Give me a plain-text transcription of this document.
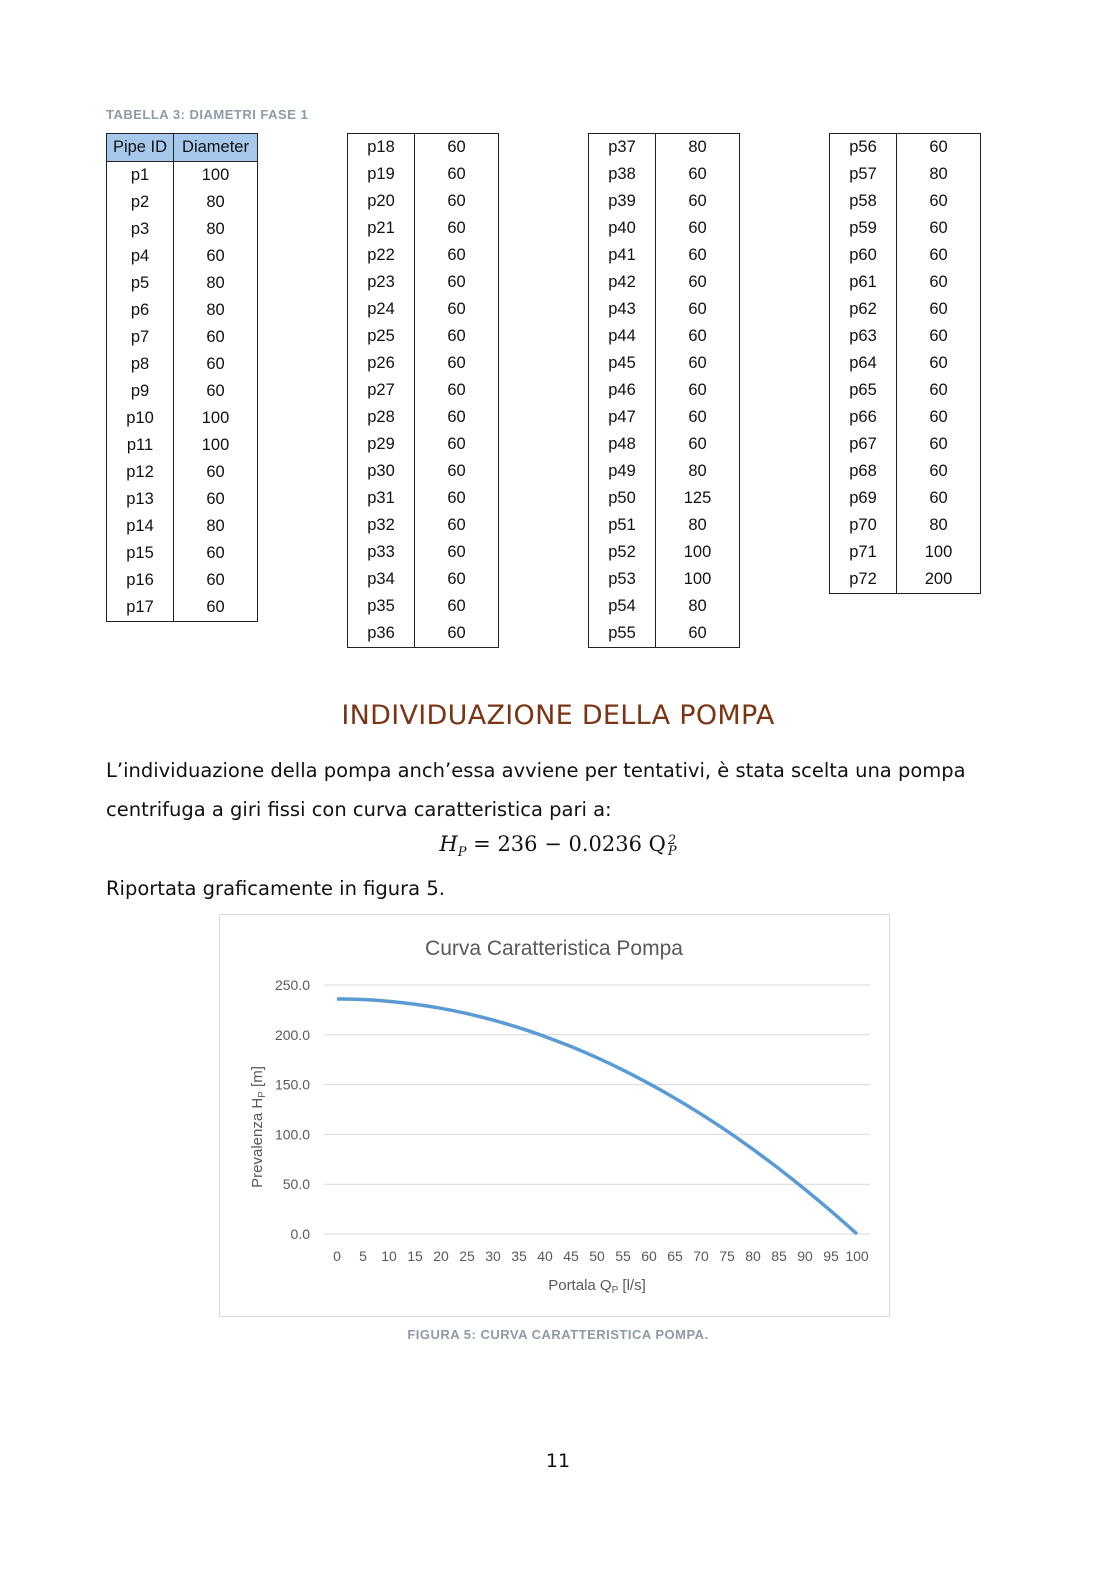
TABELLA 3: DIAMETRI FASE 1
Pipe ID	Diameter
p1	100
p2	80
p3	80
p4	60
p5	80
p6	80
p7	60
p8	60
p9	60
p10	100
p11	100
p12	60
p13	60
p14	80
p15	60
p16	60
p17	60
p18	60
p19	60
p20	60
p21	60
p22	60
p23	60
p24	60
p25	60
p26	60
p27	60
p28	60
p29	60
p30	60
p31	60
p32	60
p33	60
p34	60
p35	60
p36	60
p37	80
p38	60
p39	60
p40	60
p41	60
p42	60
p43	60
p44	60
p45	60
p46	60
p47	60
p48	60
p49	80
p50	125
p51	80
p52	100
p53	100
p54	80
p55	60
p56	60
p57	80
p58	60
p59	60
p60	60
p61	60
p62	60
p63	60
p64	60
p65	60
p66	60
p67	60
p68	60
p69	60
p70	80
p71	100
p72	200
INDIVIDUAZIONE DELLA POMPA
L’individuazione della pompa anch’essa avviene per tentativi, è stata scelta una pompa centrifuga a giri fissi con curva caratteristica pari a:
$H_P = 236 - 0.0236$ Q 2
P
Riportata graficamente in figura 5.
Curva Caratteristica Pompa
0.0
50.0
100.0
150.0
200.0
250.0
0 5 10 15 20 25 30 35 40 45 50 55 60 65 70 75 80 85 90 95 100
Prevalenza $H_P$ [m]
Portala $Q_P$ [l/s]
FIGURA 5: CURVA CARATTERISTICA POMPA.
11
